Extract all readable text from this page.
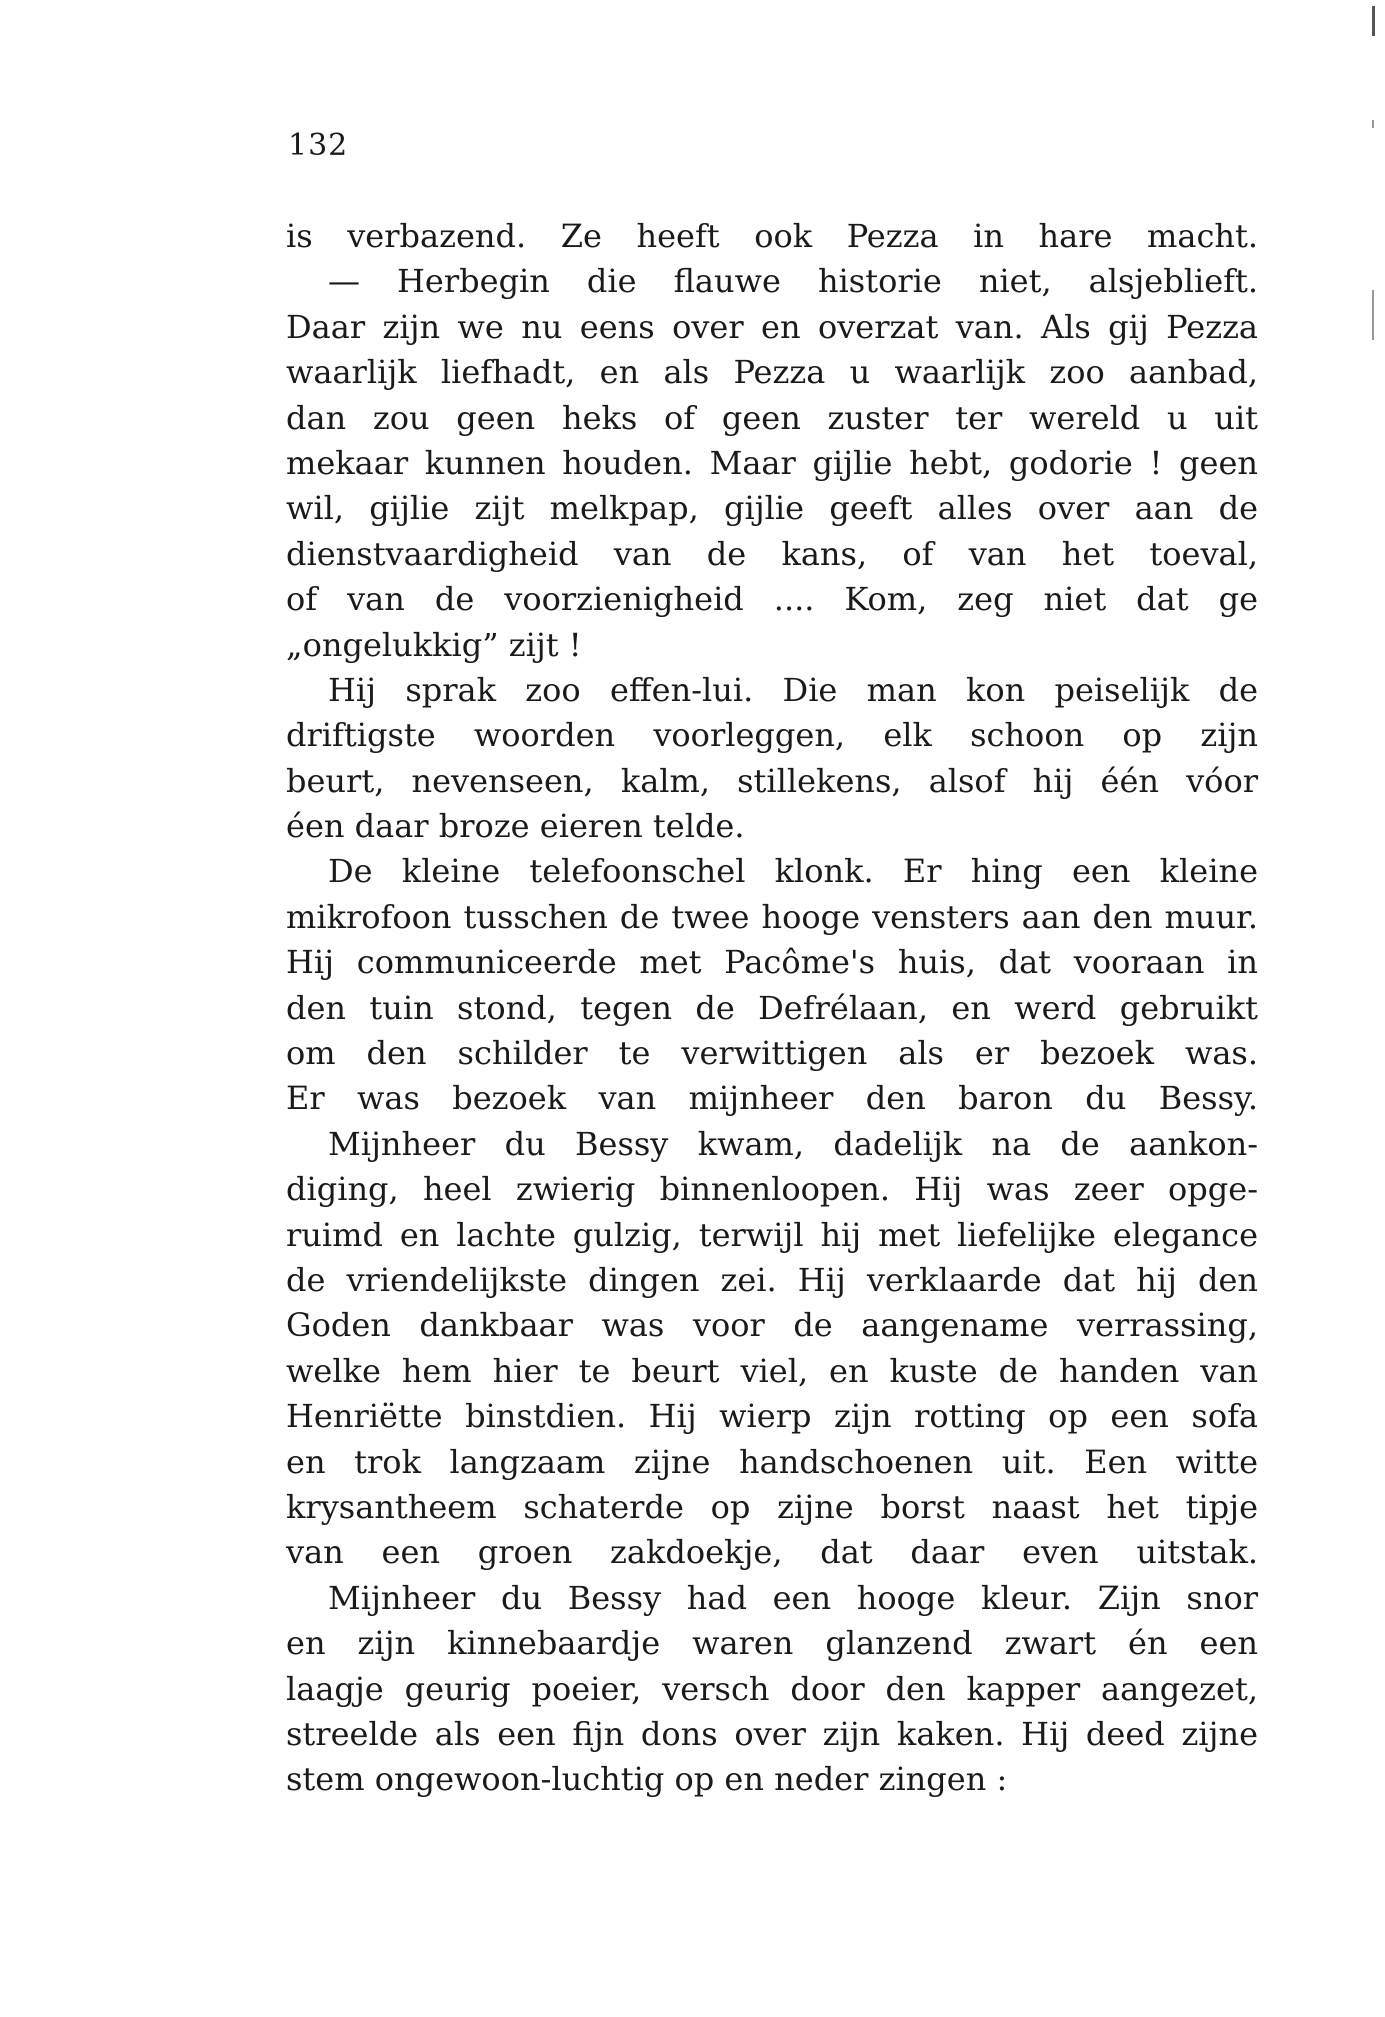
132
is verbazend. Ze heeft ook Pezza in hare macht.
— Herbegin die flauwe historie niet, alsjeblieft.
Daar zijn we nu eens over en overzat van. Als gij Pezza
waarlijk liefhadt, en als Pezza u waarlijk zoo aanbad,
dan zou geen heks of geen zuster ter wereld u uit
mekaar kunnen houden. Maar gijlie hebt, godorie ! geen
wil, gijlie zijt melkpap, gijlie geeft alles over aan de
dienstvaardigheid van de kans, of van het toeval,
of van de voorzienigheid .... Kom, zeg niet dat ge
„ongelukkig” zijt !
Hij sprak zoo effen-lui. Die man kon peiselijk de
driftigste woorden voorleggen, elk schoon op zijn
beurt, nevenseen, kalm, stillekens, alsof hij één vóor
éen daar broze eieren telde.
De kleine telefoonschel klonk. Er hing een kleine
mikrofoon tusschen de twee hooge vensters aan den muur.
Hij communiceerde met Pacôme's huis, dat vooraan in
den tuin stond, tegen de Defrélaan, en werd gebruikt
om den schilder te verwittigen als er bezoek was.
Er was bezoek van mijnheer den baron du Bessy.
Mijnheer du Bessy kwam, dadelijk na de aankon-
diging, heel zwierig binnenloopen. Hij was zeer opge-
ruimd en lachte gulzig, terwijl hij met liefelijke elegance
de vriendelijkste dingen zei. Hij verklaarde dat hij den
Goden dankbaar was voor de aangename verrassing,
welke hem hier te beurt viel, en kuste de handen van
Henriëtte binstdien. Hij wierp zijn rotting op een sofa
en trok langzaam zijne handschoenen uit. Een witte
krysantheem schaterde op zijne borst naast het tipje
van een groen zakdoekje, dat daar even uitstak.
Mijnheer du Bessy had een hooge kleur. Zijn snor
en zijn kinnebaardje waren glanzend zwart én een
laagje geurig poeier, versch door den kapper aangezet,
streelde als een fijn dons over zijn kaken. Hij deed zijne
stem ongewoon-luchtig op en neder zingen :
